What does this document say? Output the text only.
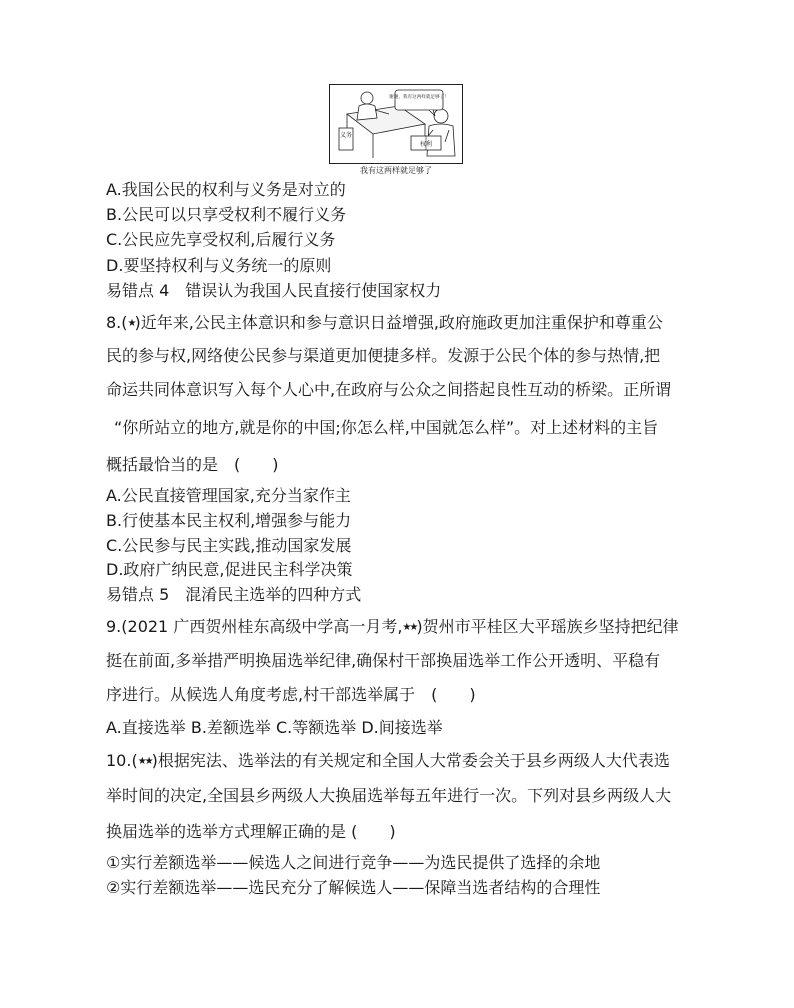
义务
权利
谢谢，我有这两样就足够了！
我有这两样就足够了
A.我国公民的权利与义务是对立的
B.公民可以只享受权利不履行义务
C.公民应先享受权利,后履行义务
D.要坚持权利与义务统一的原则
易错点 4　错误认为我国人民直接行使国家权力
8.(★)近年来,公民主体意识和参与意识日益增强,政府施政更加注重保护和尊重公
民的参与权,网络使公民参与渠道更加便捷多样。发源于公民个体的参与热情,把
命运共同体意识写入每个人心中,在政府与公众之间搭起良性互动的桥梁。正所谓
“你所站立的地方,就是你的中国;你怎么样,中国就怎么样”。对上述材料的主旨
概括最恰当的是　(　　)
A.公民直接管理国家,充分当家作主
B.行使基本民主权利,增强参与能力
C.公民参与民主实践,推动国家发展
D.政府广纳民意,促进民主科学决策
易错点 5　混淆民主选举的四种方式
9.(2021 广西贺州桂东高级中学高一月考,★★)贺州市平桂区大平瑶族乡坚持把纪律
挺在前面,多举措严明换届选举纪律,确保村干部换届选举工作公开透明、平稳有
序进行。从候选人角度考虑,村干部选举属于　(　　)
A.直接选举 B.差额选举 C.等额选举 D.间接选举
10.(★★)根据宪法、选举法的有关规定和全国人大常委会关于县乡两级人大代表选
举时间的决定,全国县乡两级人大换届选举每五年进行一次。下列对县乡两级人大
换届选举的选举方式理解正确的是 (　　)
①实行差额选举——候选人之间进行竞争——为选民提供了选择的余地
②实行差额选举——选民充分了解候选人——保障当选者结构的合理性
